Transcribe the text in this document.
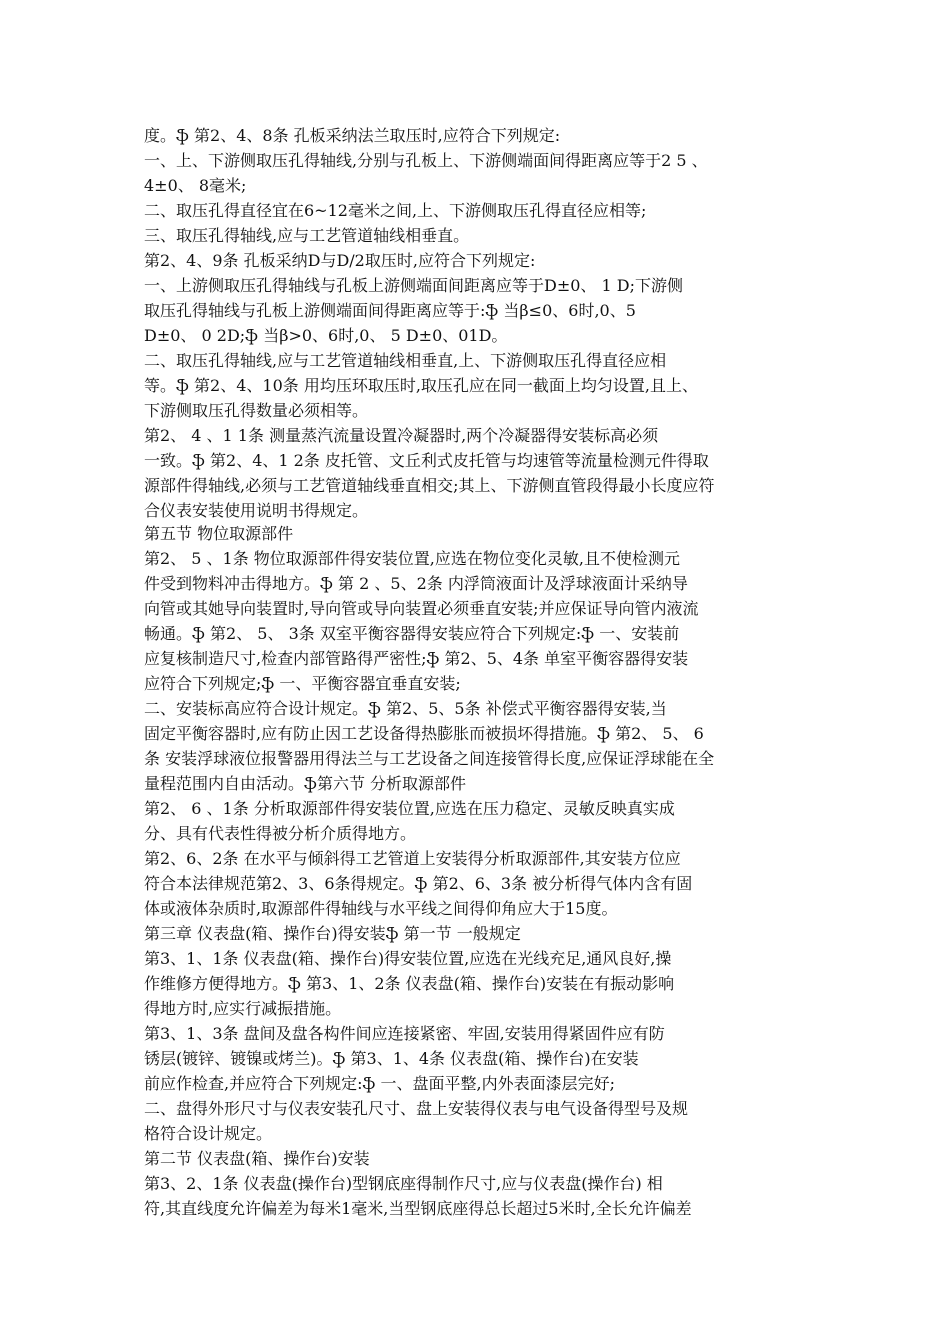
度。ֆ 第2、4、8条 孔板采纳法兰取压时,应符合下列规定:
一、上、下游侧取压孔得轴线,分别与孔板上、下游侧端面间得距离应等于2 5 、
4±0、 8毫米;
二、取压孔得直径宜在6~12毫米之间,上、下游侧取压孔得直径应相等;
三、取压孔得轴线,应与工艺管道轴线相垂直。
第2、4、9条 孔板采纳D与D/2取压时,应符合下列规定:
一、上游侧取压孔得轴线与孔板上游侧端面间距离应等于D±0、 1 D;下游侧
取压孔得轴线与孔板上游侧端面间得距离应等于:ֆ 当β≤0、6时,0、5
D±0、 0 2D;ֆ 当β>0、6时,0、 5 D±0、01D。
二、取压孔得轴线,应与工艺管道轴线相垂直,上、下游侧取压孔得直径应相
等。ֆ 第2、4、10条 用均压环取压时,取压孔应在同一截面上均匀设置,且上、
下游侧取压孔得数量必须相等。
第2、 4 、1 1条 测量蒸汽流量设置冷凝器时,两个冷凝器得安装标高必须
一致。ֆ 第2、4、1 2条 皮托管、文丘利式皮托管与均速管等流量检测元件得取
源部件得轴线,必须与工艺管道轴线垂直相交;其上、下游侧直管段得最小长度应符
合仪表安装使用说明书得规定。
第五节 物位取源部件
第2、 5 、1条 物位取源部件得安装位置,应选在物位变化灵敏,且不使检测元
件受到物料冲击得地方。ֆ 第 2 、5、2条 内浮筒液面计及浮球液面计采纳导
向管或其她导向装置时,导向管或导向装置必须垂直安装;并应保证导向管内液流
畅通。ֆ 第2、 5、 3条 双室平衡容器得安装应符合下列规定:ֆ 一、安装前
应复核制造尺寸,检查内部管路得严密性;ֆ 第2、5、4条 单室平衡容器得安装
应符合下列规定;ֆ 一、平衡容器宜垂直安装;
二、安装标高应符合设计规定。ֆ 第2、5、5条 补偿式平衡容器得安装,当
固定平衡容器时,应有防止因工艺设备得热膨胀而被损坏得措施。ֆ 第2、 5、 6
条 安装浮球液位报警器用得法兰与工艺设备之间连接管得长度,应保证浮球能在全
量程范围内自由活动。ֆ第六节 分析取源部件
第2、 6 、1条 分析取源部件得安装位置,应选在压力稳定、灵敏反映真实成
分、具有代表性得被分析介质得地方。
第2、6、2条 在水平与倾斜得工艺管道上安装得分析取源部件,其安装方位应
符合本法律规范第2、3、6条得规定。ֆ 第2、6、3条 被分析得气体内含有固
体或液体杂质时,取源部件得轴线与水平线之间得仰角应大于15度。
第三章 仪表盘(箱、操作台)得安装ֆ 第一节 一般规定
第3、1、1条 仪表盘(箱、操作台)得安装位置,应选在光线充足,通风良好,操
作维修方便得地方。ֆ 第3、1、2条 仪表盘(箱、操作台)安装在有振动影响
得地方时,应实行减振措施。
第3、1、3条 盘间及盘各构件间应连接紧密、牢固,安装用得紧固件应有防
锈层(镀锌、镀镍或烤兰)。ֆ 第3、1、4条 仪表盘(箱、操作台)在安装
前应作检查,并应符合下列规定:ֆ 一、盘面平整,内外表面漆层完好;
二、盘得外形尺寸与仪表安装孔尺寸、盘上安装得仪表与电气设备得型号及规
格符合设计规定。
第二节 仪表盘(箱、操作台)安装
第3、2、1条 仪表盘(操作台)型钢底座得制作尺寸,应与仪表盘(操作台) 相
符,其直线度允许偏差为每米1毫米,当型钢底座得总长超过5米时,全长允许偏差
